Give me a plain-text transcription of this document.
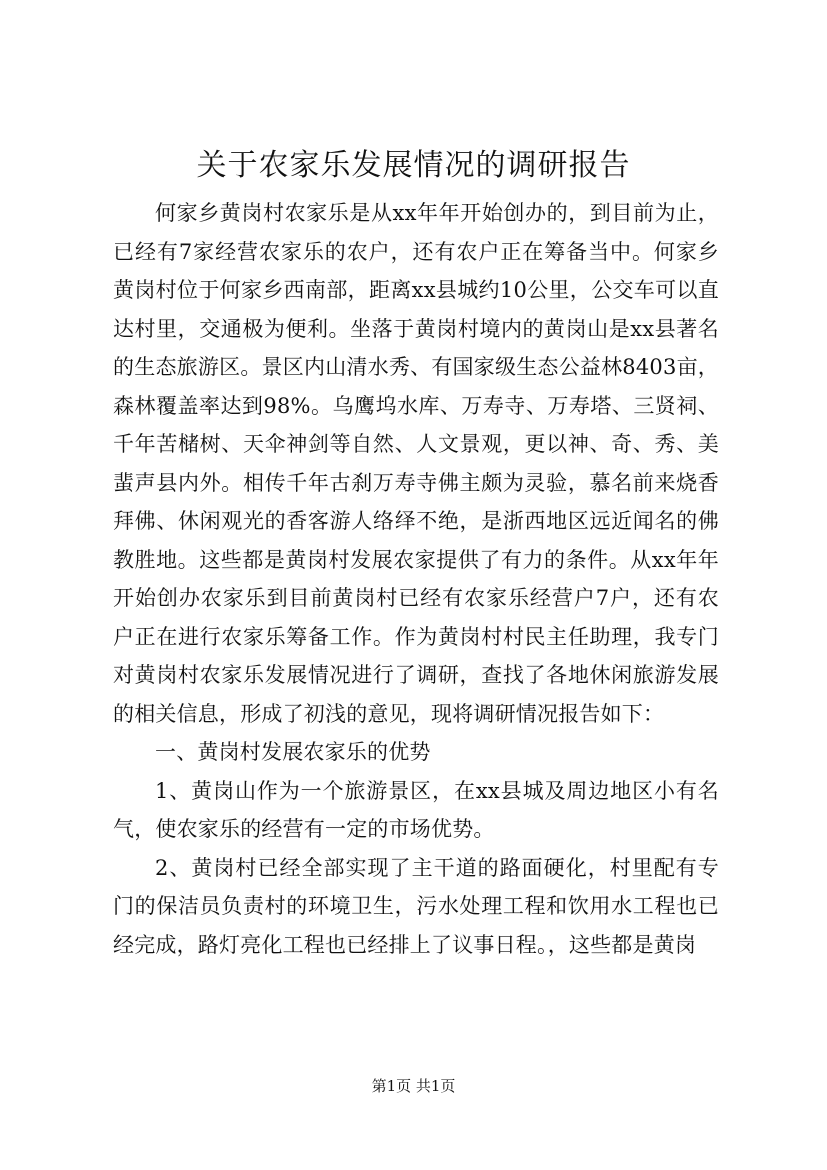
关于农家乐发展情况的调研报告

何家乡黄岗村农家乐是从xx年年开始创办的，到目前为止，已经有7家经营农家乐的农户，还有农户正在筹备当中。何家乡黄岗村位于何家乡西南部，距离xx县城约10公里，公交车可以直达村里，交通极为便利。坐落于黄岗村境内的黄岗山是xx县著名的生态旅游区。景区内山清水秀、有国家级生态公益林8403亩，森林覆盖率达到98%。乌鹰坞水库、万寿寺、万寿塔、三贤祠、千年苦槠树、天伞神剑等自然、人文景观，更以神、奇、秀、美蜚声县内外。相传千年古刹万寿寺佛主颇为灵验，慕名前来烧香拜佛、休闲观光的香客游人络绎不绝，是浙西地区远近闻名的佛教胜地。这些都是黄岗村发展农家提供了有力的条件。从xx年年开始创办农家乐到目前黄岗村已经有农家乐经营户7户，还有农户正在进行农家乐筹备工作。作为黄岗村村民主任助理，我专门对黄岗村农家乐发展情况进行了调研，查找了各地休闲旅游发展的相关信息，形成了初浅的意见，现将调研情况报告如下：

一、黄岗村发展农家乐的优势

1、黄岗山作为一个旅游景区，在xx县城及周边地区小有名气，使农家乐的经营有一定的市场优势。

2、黄岗村已经全部实现了主干道的路面硬化，村里配有专门的保洁员负责村的环境卫生，污水处理工程和饮用水工程也已经完成，路灯亮化工程也已经排上了议事日程。，这些都是黄岗

第1页 共1页
